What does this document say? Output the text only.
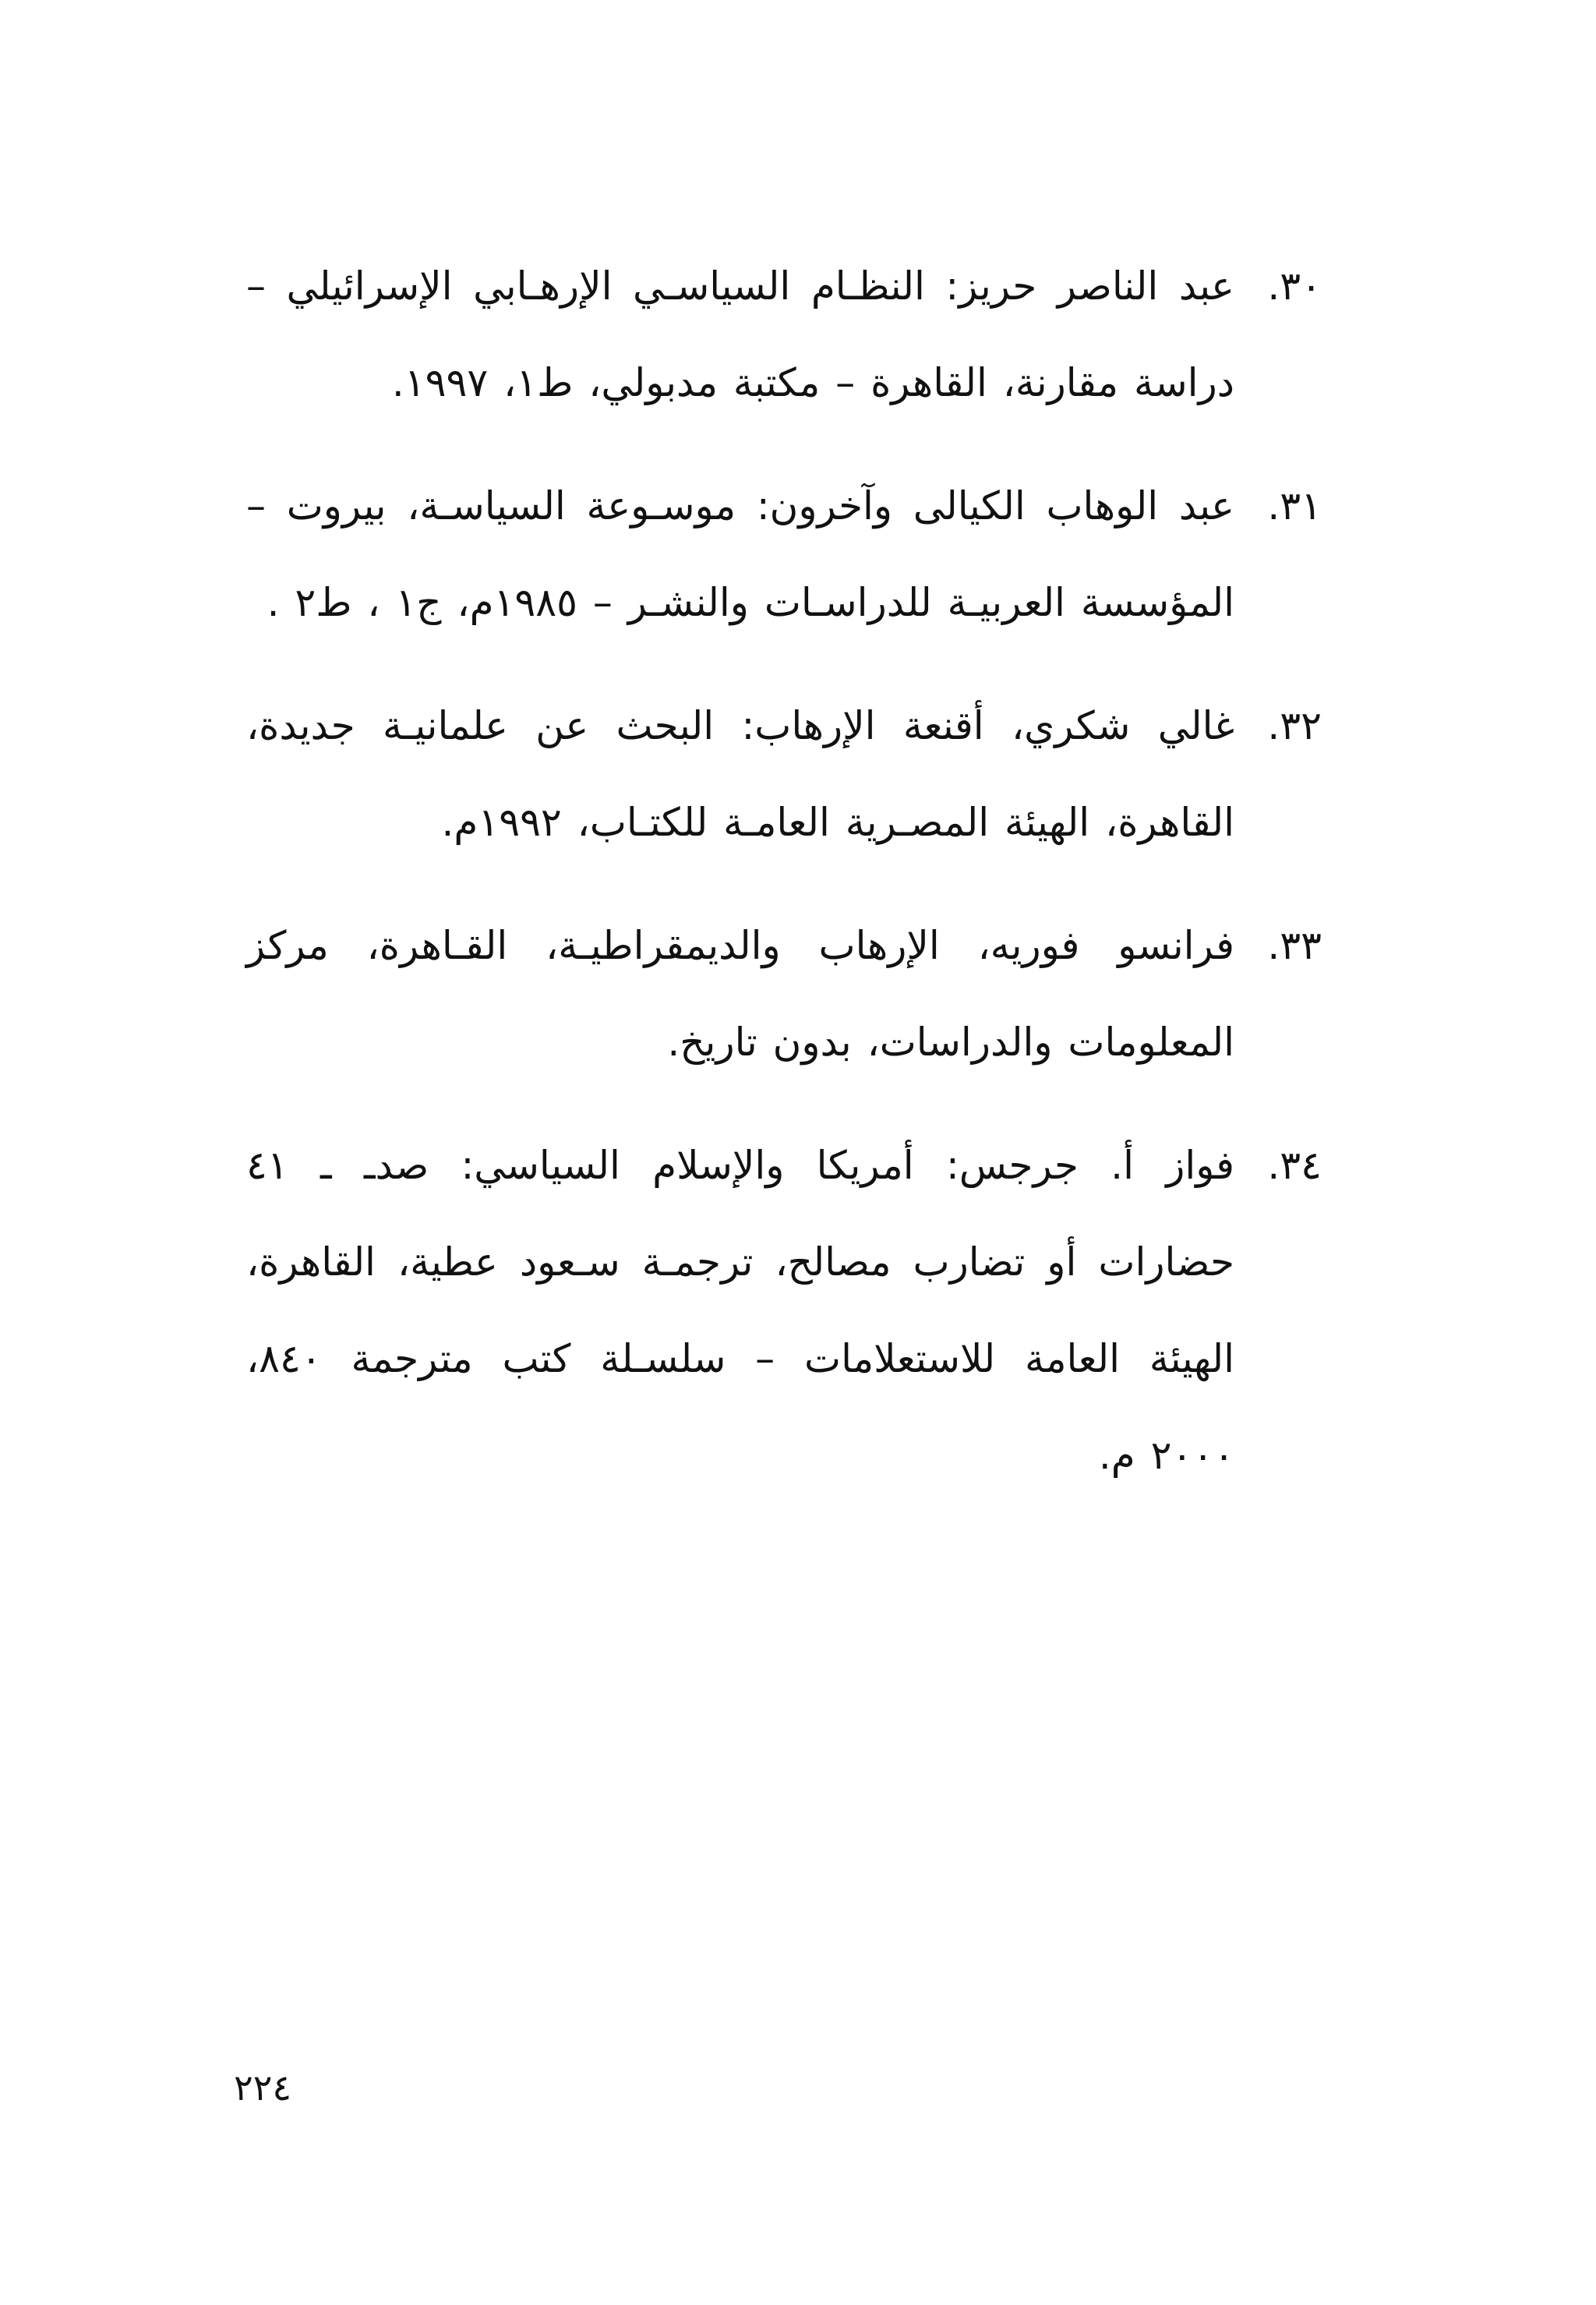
٣٠.
عبد الناصر حريز: النظـام السياسـي الإرهـابي الإسرائيلي – دراسة مقارنة، القاهرة – مكتبة مدبولي، ط١، ١٩٩٧.
٣١.
عبد الوهاب الكيالى وآخرون: موسـوعة السياسـة، بيروت – المؤسسة العربيـة للدراسـات والنشـر – ١٩٨٥م، ج١ ، ط٢ .
٣٢.
غالي شكري، أقنعة الإرهاب: البحث عن علمانيـة جديدة، القاهرة، الهيئة المصـرية العامـة للكتـاب، ١٩٩٢م.
٣٣.
فرانسو فوريه، الإرهاب والديمقراطيـة، القـاهرة، مركز المعلومات والدراسات، بدون تاريخ.
٣٤.
فواز أ. جرجس: أمريكا والإسلام السياسي: صدـ ـ ٤١ حضارات أو تضارب مصالح، ترجمـة سـعود عطية، القاهرة، الهيئة العامة للاستعلامات – سلسـلة كتب مترجمة ٨٤٠، ٢٠٠٠ م.
٢٢٤
